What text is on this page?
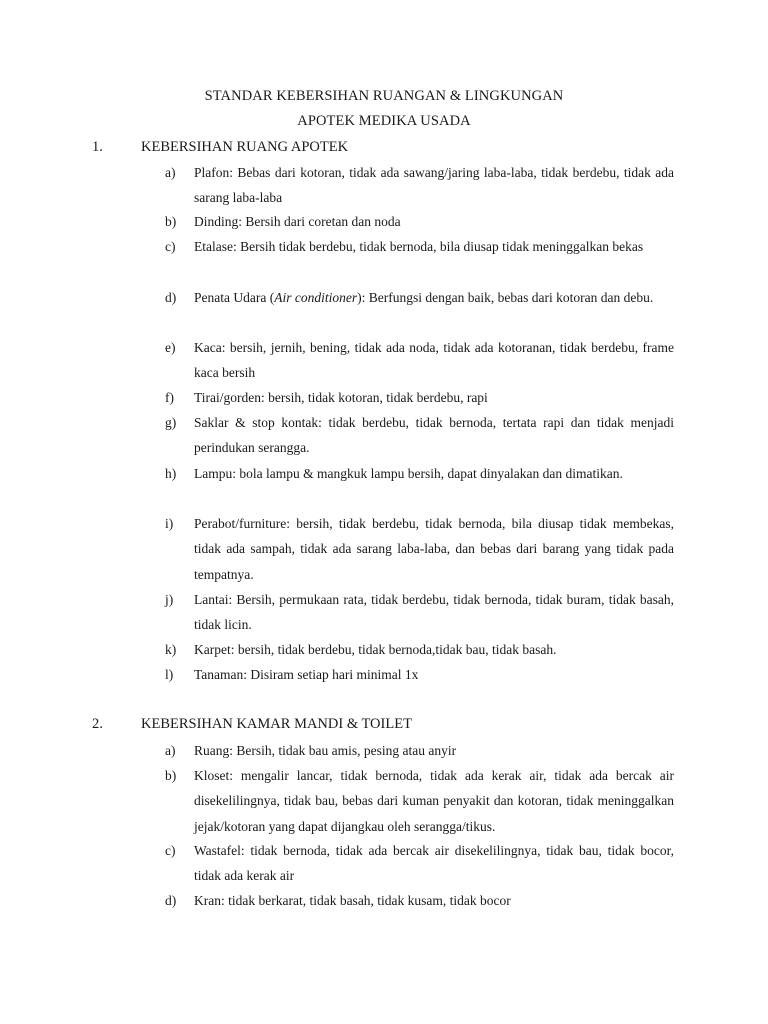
STANDAR KEBERSIHAN RUANGAN & LINGKUNGAN
APOTEK MEDIKA USADA
1.	KEBERSIHAN RUANG APOTEK
a) Plafon: Bebas dari kotoran, tidak ada sawang/jaring laba-laba, tidak berdebu, tidak ada sarang laba-laba
b) Dinding: Bersih dari coretan dan noda
c) Etalase: Bersih tidak berdebu, tidak bernoda, bila diusap tidak meninggalkan bekas
d) Penata Udara (Air conditioner): Berfungsi dengan baik, bebas dari kotoran dan debu.
e) Kaca: bersih, jernih, bening, tidak ada noda, tidak ada kotoranan, tidak berdebu, frame kaca bersih
f) Tirai/gorden: bersih, tidak kotoran, tidak berdebu, rapi
g) Saklar & stop kontak: tidak berdebu, tidak bernoda, tertata rapi dan tidak menjadi perindukan serangga.
h) Lampu: bola lampu & mangkuk lampu bersih, dapat dinyalakan dan dimatikan.
i) Perabot/furniture: bersih, tidak berdebu, tidak bernoda, bila diusap tidak membekas, tidak ada sampah, tidak ada sarang laba-laba, dan bebas dari barang yang tidak pada tempatnya.
j) Lantai: Bersih, permukaan rata, tidak berdebu, tidak bernoda, tidak buram, tidak basah, tidak licin.
k) Karpet: bersih, tidak berdebu, tidak bernoda,tidak bau, tidak basah.
l) Tanaman: Disiram setiap hari minimal 1x
2.	KEBERSIHAN KAMAR MANDI & TOILET
a) Ruang: Bersih, tidak bau amis, pesing atau anyir
b) Kloset: mengalir lancar, tidak bernoda, tidak ada kerak air, tidak ada bercak air disekelilingnya, tidak bau, bebas dari kuman penyakit dan kotoran, tidak meninggalkan jejak/kotoran yang dapat dijangkau oleh serangga/tikus.
c) Wastafel: tidak bernoda, tidak ada bercak air disekelilingnya, tidak bau, tidak bocor, tidak ada kerak air
d) Kran: tidak berkarat, tidak basah, tidak kusam, tidak bocor
